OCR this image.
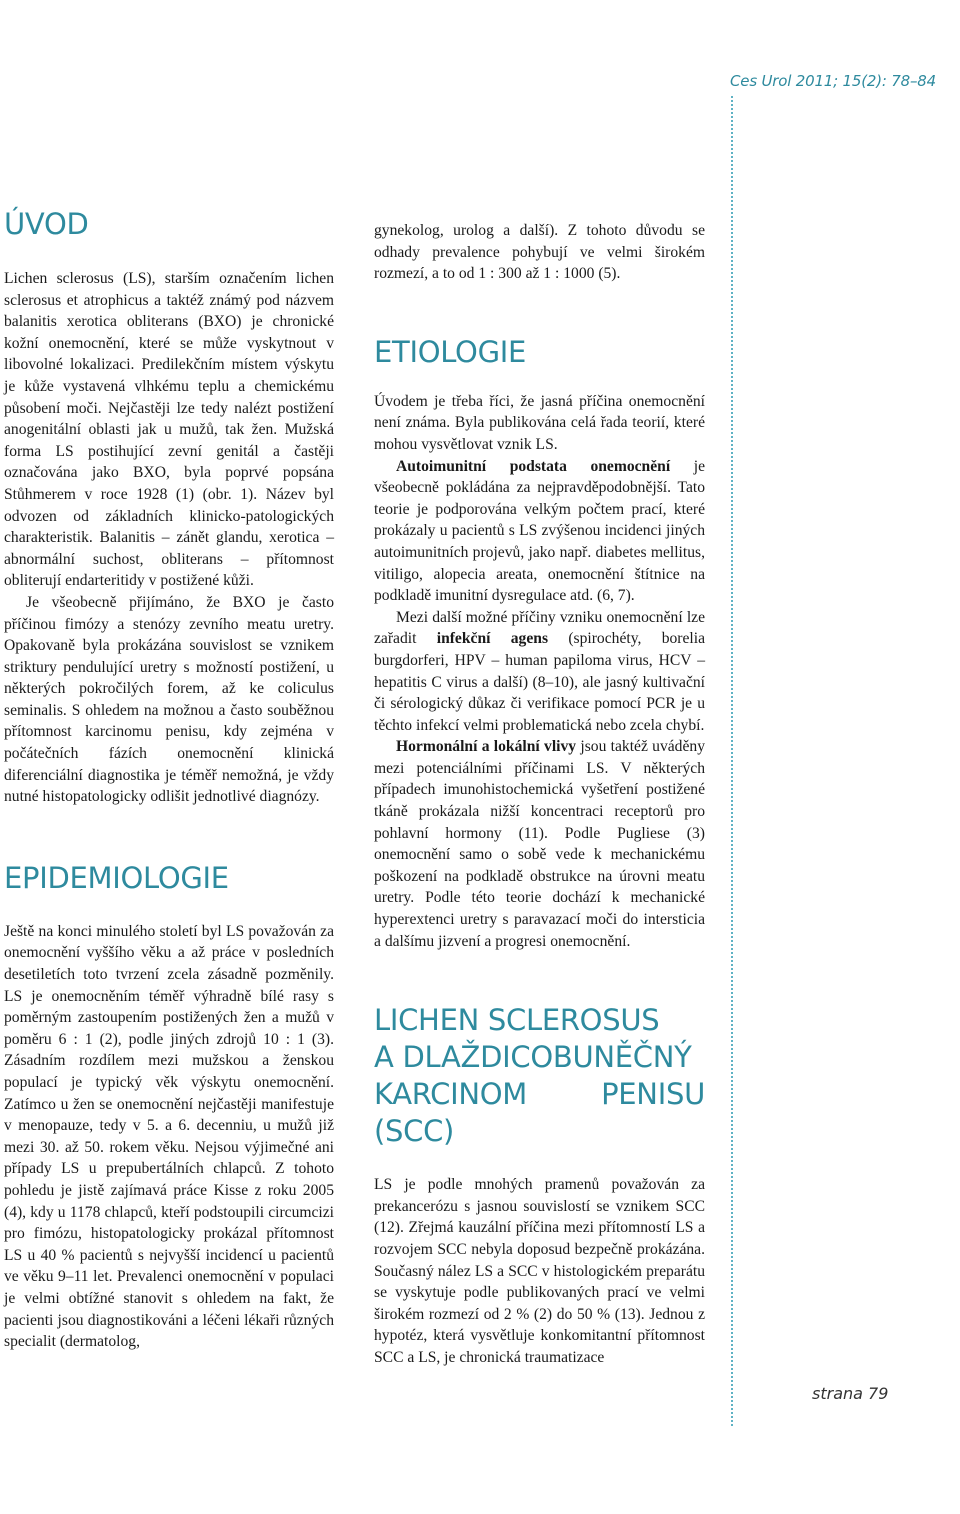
Ces Urol 2011; 15(2): 78–84
ÚVOD

Lichen sclerosus (LS), starším označením lichen sclerosus et atrophicus a taktéž známý pod názvem balanitis xerotica obliterans (BXO) je chronické kožní onemocnění, které se může vyskytnout v libovolné lokalizaci. Predilekčním místem výskytu je kůže vystavená vlhkému teplu a chemickému působení moči. Nejčastěji lze tedy nalézt postižení anogenitální oblasti jak u mužů, tak žen. Mužská forma LS postihující zevní genitál a častěji označována jako BXO, byla poprvé popsána Stůhmerem v roce 1928 (1) (obr. 1). Název byl odvozen od základních klinicko-patologických charakteristik. Balanitis – zánět glandu, xerotica – abnormální suchost, obliterans – přítomnost obliterují endarteritidy v postižené kůži.

Je všeobecně přijímáno, že BXO je často příčinou fimózy a stenózy zevního meatu uretry. Opakovaně byla prokázána souvislost se vznikem striktury pendulující uretry s možností postižení, u některých pokročilých forem, až ke coliculus seminalis. S ohledem na možnou a často souběžnou přítomnost karcinomu penisu, kdy zejména v počátečních fázích onemocnění klinická diferenciální diagnostika je téměř nemožná, je vždy nutné histopatologicky odlišit jednotlivé diagnózy.

EPIDEMIOLOGIE

Ještě na konci minulého století byl LS považován za onemocnění vyššího věku a až práce v posledních desetiletích toto tvrzení zcela zásadně pozměnily. LS je onemocněním téměř výhradně bílé rasy s poměrným zastoupením postižených žen a mužů v poměru 6 : 1 (2), podle jiných zdrojů 10 : 1 (3). Zásadním rozdílem mezi mužskou a ženskou populací je typický věk výskytu onemocnění. Zatímco u žen se onemocnění nejčastěji manifestuje v menopauze, tedy v 5. a 6. decenniu, u mužů již mezi 30. až 50. rokem věku. Nejsou výjimečné ani případy LS u prepubertálních chlapců. Z tohoto pohledu je jistě zajímavá práce Kisse z roku 2005 (4), kdy u 1178 chlapců, kteří podstoupili circumcizi pro fimózu, histopatologicky prokázal přítomnost LS u 40 % pacientů s nejvyšší incidencí u pacientů ve věku 9–11 let. Prevalenci onemocnění v populaci je velmi obtížné stanovit s ohledem na fakt, že pacienti jsou diagnostikováni a léčeni lékaři různých specialit (dermatolog,

gynekolog, urolog a další). Z tohoto důvodu se odhady prevalence pohybují ve velmi širokém rozmezí, a to od 1 : 300 až 1 : 1000 (5).

ETIOLOGIE

Úvodem je třeba říci, že jasná příčina onemocnění není známa. Byla publikována celá řada teorií, které mohou vysvětlovat vznik LS.

Autoimunitní podstata onemocnění je všeobecně pokládána za nejpravděpodobnější. Tato teorie je podporována velkým počtem prací, které prokázaly u pacientů s LS zvýšenou incidenci jiných autoimunitních projevů, jako např. diabetes mellitus, vitiligo, alopecia areata, onemocnění štítnice na podkladě imunitní dysregulace atd. (6, 7).

Mezi další možné příčiny vzniku onemocnění lze zařadit infekční agens (spirochéty, borelia burgdorferi, HPV – human papiloma virus, HCV – hepatitis C virus a další) (8–10), ale jasný kultivační či sérologický důkaz či verifikace pomocí PCR je u těchto infekcí velmi problematická nebo zcela chybí.

Hormonální a lokální vlivy jsou taktéž uváděny mezi potenciálními příčinami LS. V některých případech imunohistochemická vyšetření postižené tkáně prokázala nižší koncentraci receptorů pro pohlavní hormony (11). Podle Pugliese (3) onemocnění samo o sobě vede k mechanickému poškození na podkladě obstrukce na úrovni meatu uretry. Podle této teorie dochází k mechanické hyperextenci uretry s paravazací moči do intersticia a dalšímu jizvení a progresi onemocnění.

LICHEN SCLEROSUS
A DLAŽDICOBUNĚČNÝ
KARCINOM PENISU (SCC)

LS je podle mnohých pramenů považován za prekancerózu s jasnou souvislostí se vznikem SCC (12). Zřejmá kauzální příčina mezi přítomností LS a rozvojem SCC nebyla doposud bezpečně prokázána. Současný nález LS a SCC v histologickém preparátu se vyskytuje podle publikovaných prací ve velmi širokém rozmezí od 2 % (2) do 50 % (13). Jednou z hypotéz, která vysvětluje konkomitantní přítomnost SCC a LS, je chronická traumatizace

strana 79
